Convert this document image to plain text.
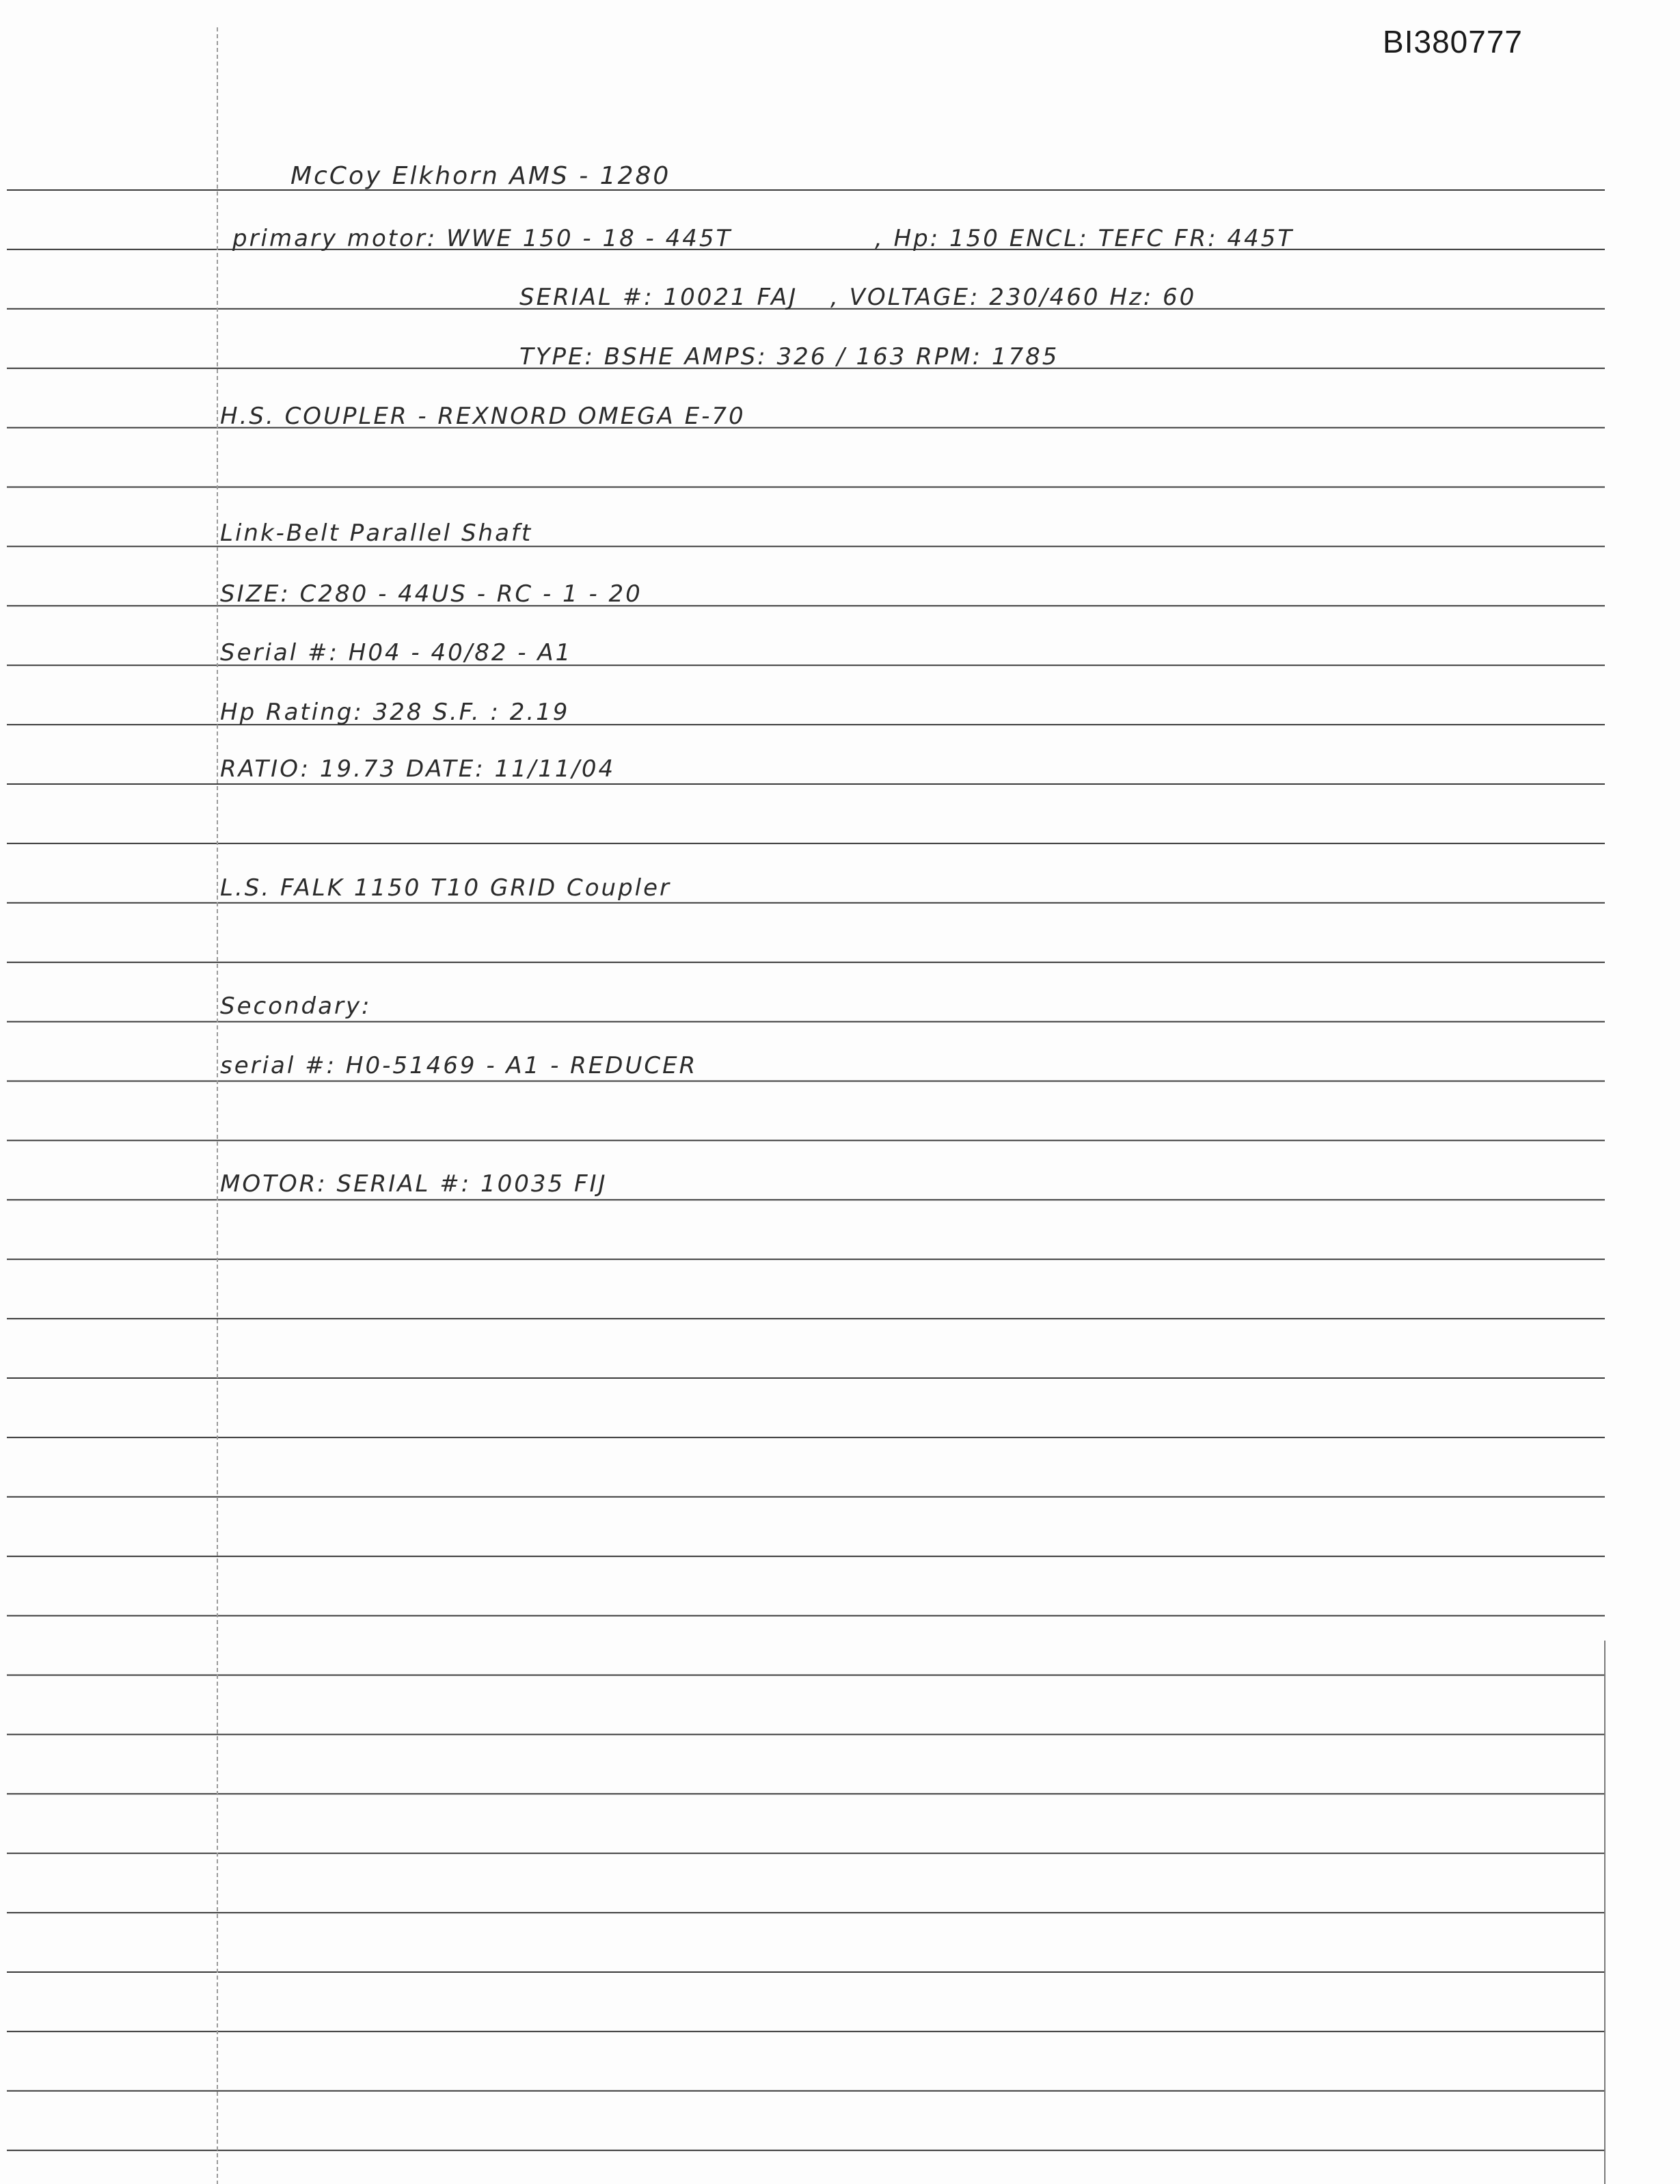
BI380777
McCoy Elkhorn AMS - 1280
primary motor: WWE 150 - 18 - 445T	, Hp: 150 ENCL: TEFC FR: 445T
SERIAL #: 10021 FAJ , VOLTAGE: 230/460 Hz: 60
TYPE: BSHE AMPS: 326 / 163 RPM: 1785
H.S. COUPLER - REXNORD OMEGA E-70
Link-Belt Parallel Shaft
SIZE: C280 - 44US - RC - 1 - 20
Serial #: H04 - 40/82 - A1
Hp Rating: 328 S.F. : 2.19
RATIO: 19.73 DATE: 11/11/04
L.S. FALK 1150 T10 GRID Coupler
Secondary:
serial #: H0-51469 - A1 - REDUCER
MOTOR: SERIAL #: 10035 FIJ
